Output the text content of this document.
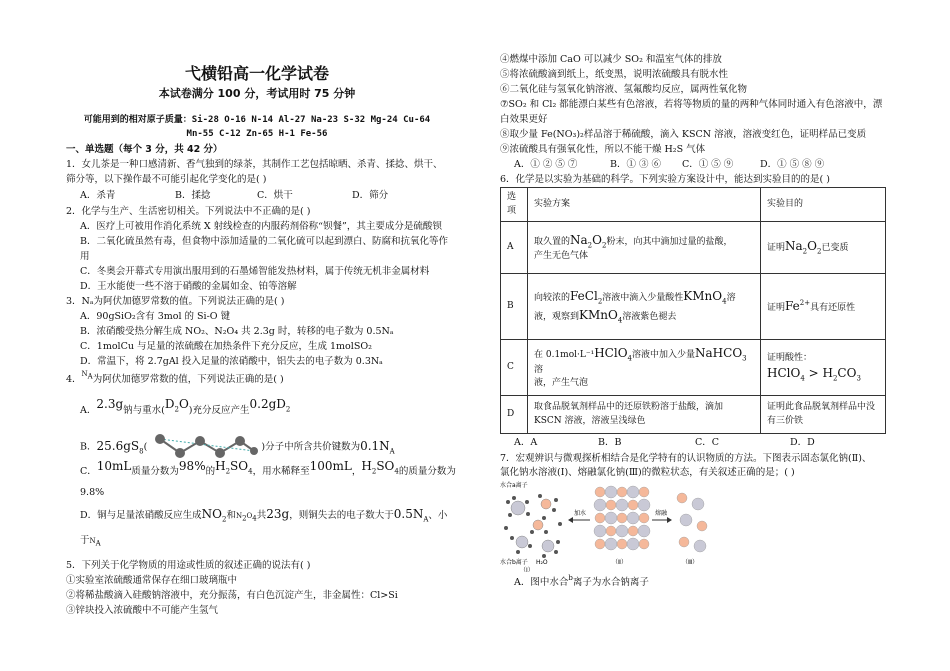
弋横铅高一化学试卷
本试卷满分 100 分，考试用时 75 分钟
可能用到的相对原子质量：Si-28 O-16 N-14 Al-27 Na-23 S-32 Mg-24 Cu-64
Mn-55 C-12 Zn-65 H-1 Fe-56
一、单选题（每个 3 分，共 42 分）
1．女儿茶是一种口感清新、香气独到的绿茶，其制作工艺包括晾晒、杀青、揉捻、烘干、
筛分等，以下操作最不可能引起化学变化的是( )
A．杀青	B．揉捻	C．烘干	D．筛分
2．化学与生产、生活密切相关。下列说法中不正确的是( )
A．医疗上可被用作消化系统 X 射线检查的内服药剂俗称“钡餐”，其主要成分是硫酸钡
B．二氧化硫虽然有毒，但食物中添加适量的二氧化硫可以起到漂白、防腐和抗氧化等作
用
C．冬奥会开幕式专用演出服用到的石墨烯智能发热材料，属于传统无机非金属材料
D．王水能使一些不溶于硝酸的金属如金、铂等溶解
3．Nₐ为阿伏加德罗常数的值。下列说法正确的是( )
A．90gSiO₂含有 3mol 的 Si-O 键
B．浓硝酸受热分解生成 NO₂、N₂O₄ 共 2.3g 时，转移的电子数为 0.5Nₐ
C．1molCu 与足量的浓硫酸在加热条件下充分反应，生成 1molSO₂
D．常温下，将 2.7gAl 投入足量的浓硝酸中，铝失去的电子数为 0.3Nₐ
4．$^{N_A}$为阿伏加德罗常数的值，下列说法正确的是( )
A．2.3g钠与重水$(D_2O)$充分反应产生$0.2gD_2$
B．$25.6gS_8$(	)分子中所含共价键数为$0.1N_A$
C．10mL质量分数为98%的$H_2SO_4$，用水稀释至100mL，$H_2SO_4$的质量分数为
9.8%
D．铜与足量浓硝酸反应生成$NO_2$和$N_2O_4$共23g，则铜失去的电子数大于$0.5N_A$、小
于$N_A$
5．下列关于化学物质的用途或性质的叙述正确的说法有( )
①实验室浓硫酸通常保存在细口玻璃瓶中
②将稀盐酸滴入硅酸钠溶液中，充分振荡，有白色沉淀产生，非金属性：Cl>Si
③锌块投入浓硫酸中不可能产生氢气
④燃煤中添加 CaO 可以减少 SO₂ 和温室气体的排放
⑤将浓硫酸滴到纸上，纸变黑，说明浓硫酸具有脱水性
⑥二氧化硅与氢氧化钠溶液、氢氟酸均反应，属两性氧化物
⑦SO₂ 和 Cl₂ 都能漂白某些有色溶液，若将等物质的量的两种气体同时通入有色溶液中，漂
白效果更好
⑧取少量 Fe(NO₃)₂样品溶于稀硫酸，滴入 KSCN 溶液，溶液变红色，证明样品已变质
⑨浓硫酸具有强氧化性，所以不能干燥 H₂S 气体
A．① ② ⑤ ⑦	B．① ③ ⑥ C．① ⑤ ⑨	D．① ⑤ ⑧ ⑨
6．化学是以实验为基础的科学。下列实验方案设计中，能达到实验目的的是( )
选项	实验方案	实验目的
A	取久置的$Na_2O_2$粉末，向其中滴加过量的盐酸，
产生无色气体	证明$Na_2O_2$已变质
B	向较浓的FeCl$_2$溶液中滴入少量酸性KMnO$_4$溶
液，观察到KMnO$_4$溶液紫色褪去	证明$Fe^{2+}$具有还原性
C	在 0.1mol·L⁻¹HClO$_4$溶液中加入少量NaHCO$_3$溶
液，产生气泡	证明酸性：
HClO$_4$ > $H_2CO_3$
D	取食品脱氧剂样品中的还原铁粉溶于盐酸，滴加
KSCN 溶液，溶液呈浅绿色	证明此食品脱氧剂样品中没
有三价铁
A．A	B．B	C．C	D．D
7．宏观辨识与微观探析相结合是化学特有的认识物质的方法。下图表示固态氯化钠(Ⅱ)、
氯化钠水溶液(Ⅰ)、熔融氯化钠(Ⅲ)的微粒状态，有关叙述正确的是；( )
水合a离子
水合b离子 H₂O
（Ⅰ）
加水
（Ⅱ）
熔融
（Ⅲ）
A．图中水合$^b$离子为水合钠离子
